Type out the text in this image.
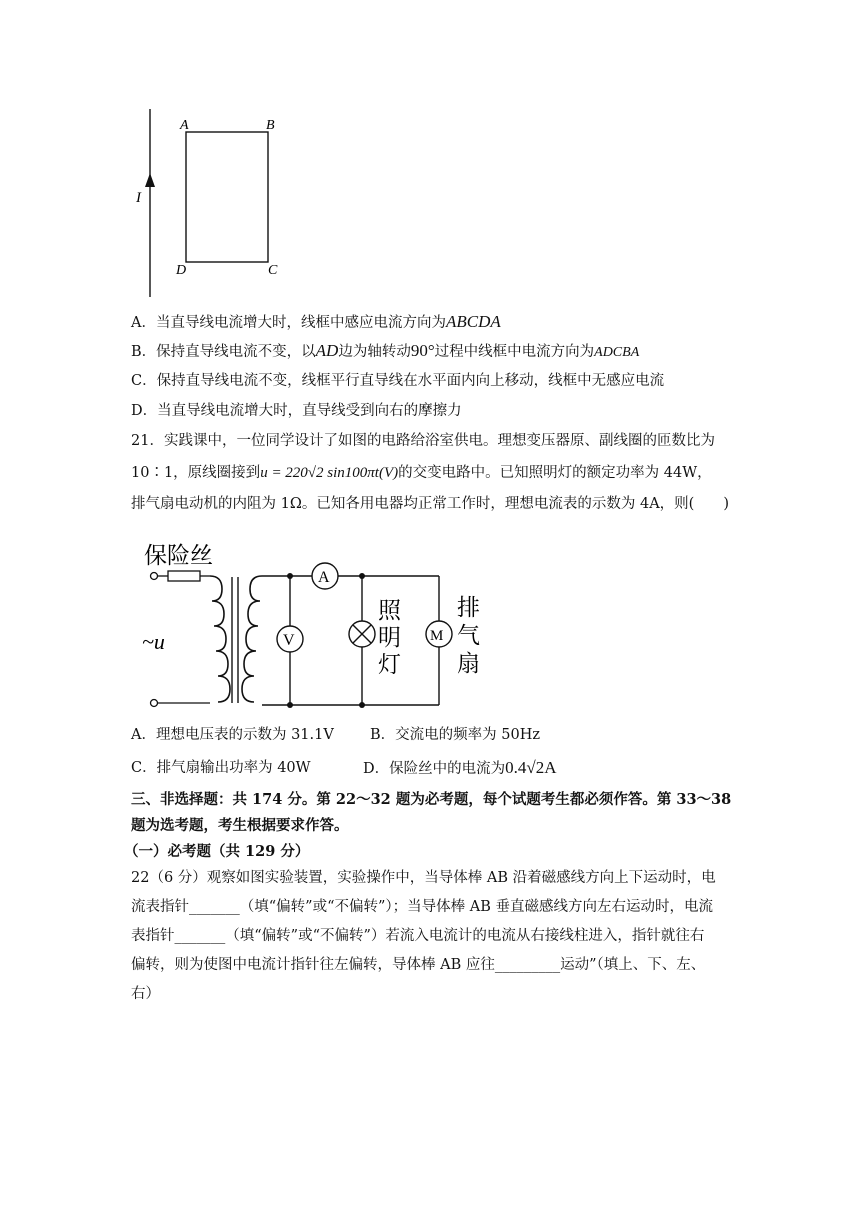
A	B
D	C
I
A．当直导线电流增大时，线框中感应电流方向为ABCDA
B．保持直导线电流不变，以AD边为轴转动90°过程中线框中电流方向为ADCBA
C．保持直导线电流不变，线框平行直导线在水平面内向上移动，线框中无感应电流
D．当直导线电流增大时，直导线受到向右的摩擦力
21．实践课中，一位同学设计了如图的电路给浴室供电。理想变压器原、副线圈的匝数比为
10∶1，原线圈接到u = 220√2 sin100πt(V)的交变电路中。已知照明灯的额定功率为 44W，
排气扇电动机的内阻为 1Ω。已知各用电器均正常工作时，理想电流表的示数为 4A，则(　　)
保险丝
~u
A
V
照
明
灯
M
排
气
扇
A．理想电压表的示数为 31.1V B．交流电的频率为 50Hz
C．排气扇输出功率为 40W	D．保险丝中的电流为0.4√2A
三、非选择题：共 174 分。第 22～32 题为必考题，每个试题考生都必须作答。第 33～38
题为选考题，考生根据要求作答。
（一）必考题（共 129 分）
22（6 分）观察如图实验装置，实验操作中，当导体棒 AB 沿着磁感线方向上下运动时，电
流表指针_______（填“偏转”或“不偏转”）；当导体棒 AB 垂直磁感线方向左右运动时，电流
表指针_______（填“偏转”或“不偏转”）若流入电流计的电流从右接线柱进入，指针就往右
偏转，则为使图中电流计指针往左偏转，导体棒 AB 应往_________运动”（填上、下、左、
右）
